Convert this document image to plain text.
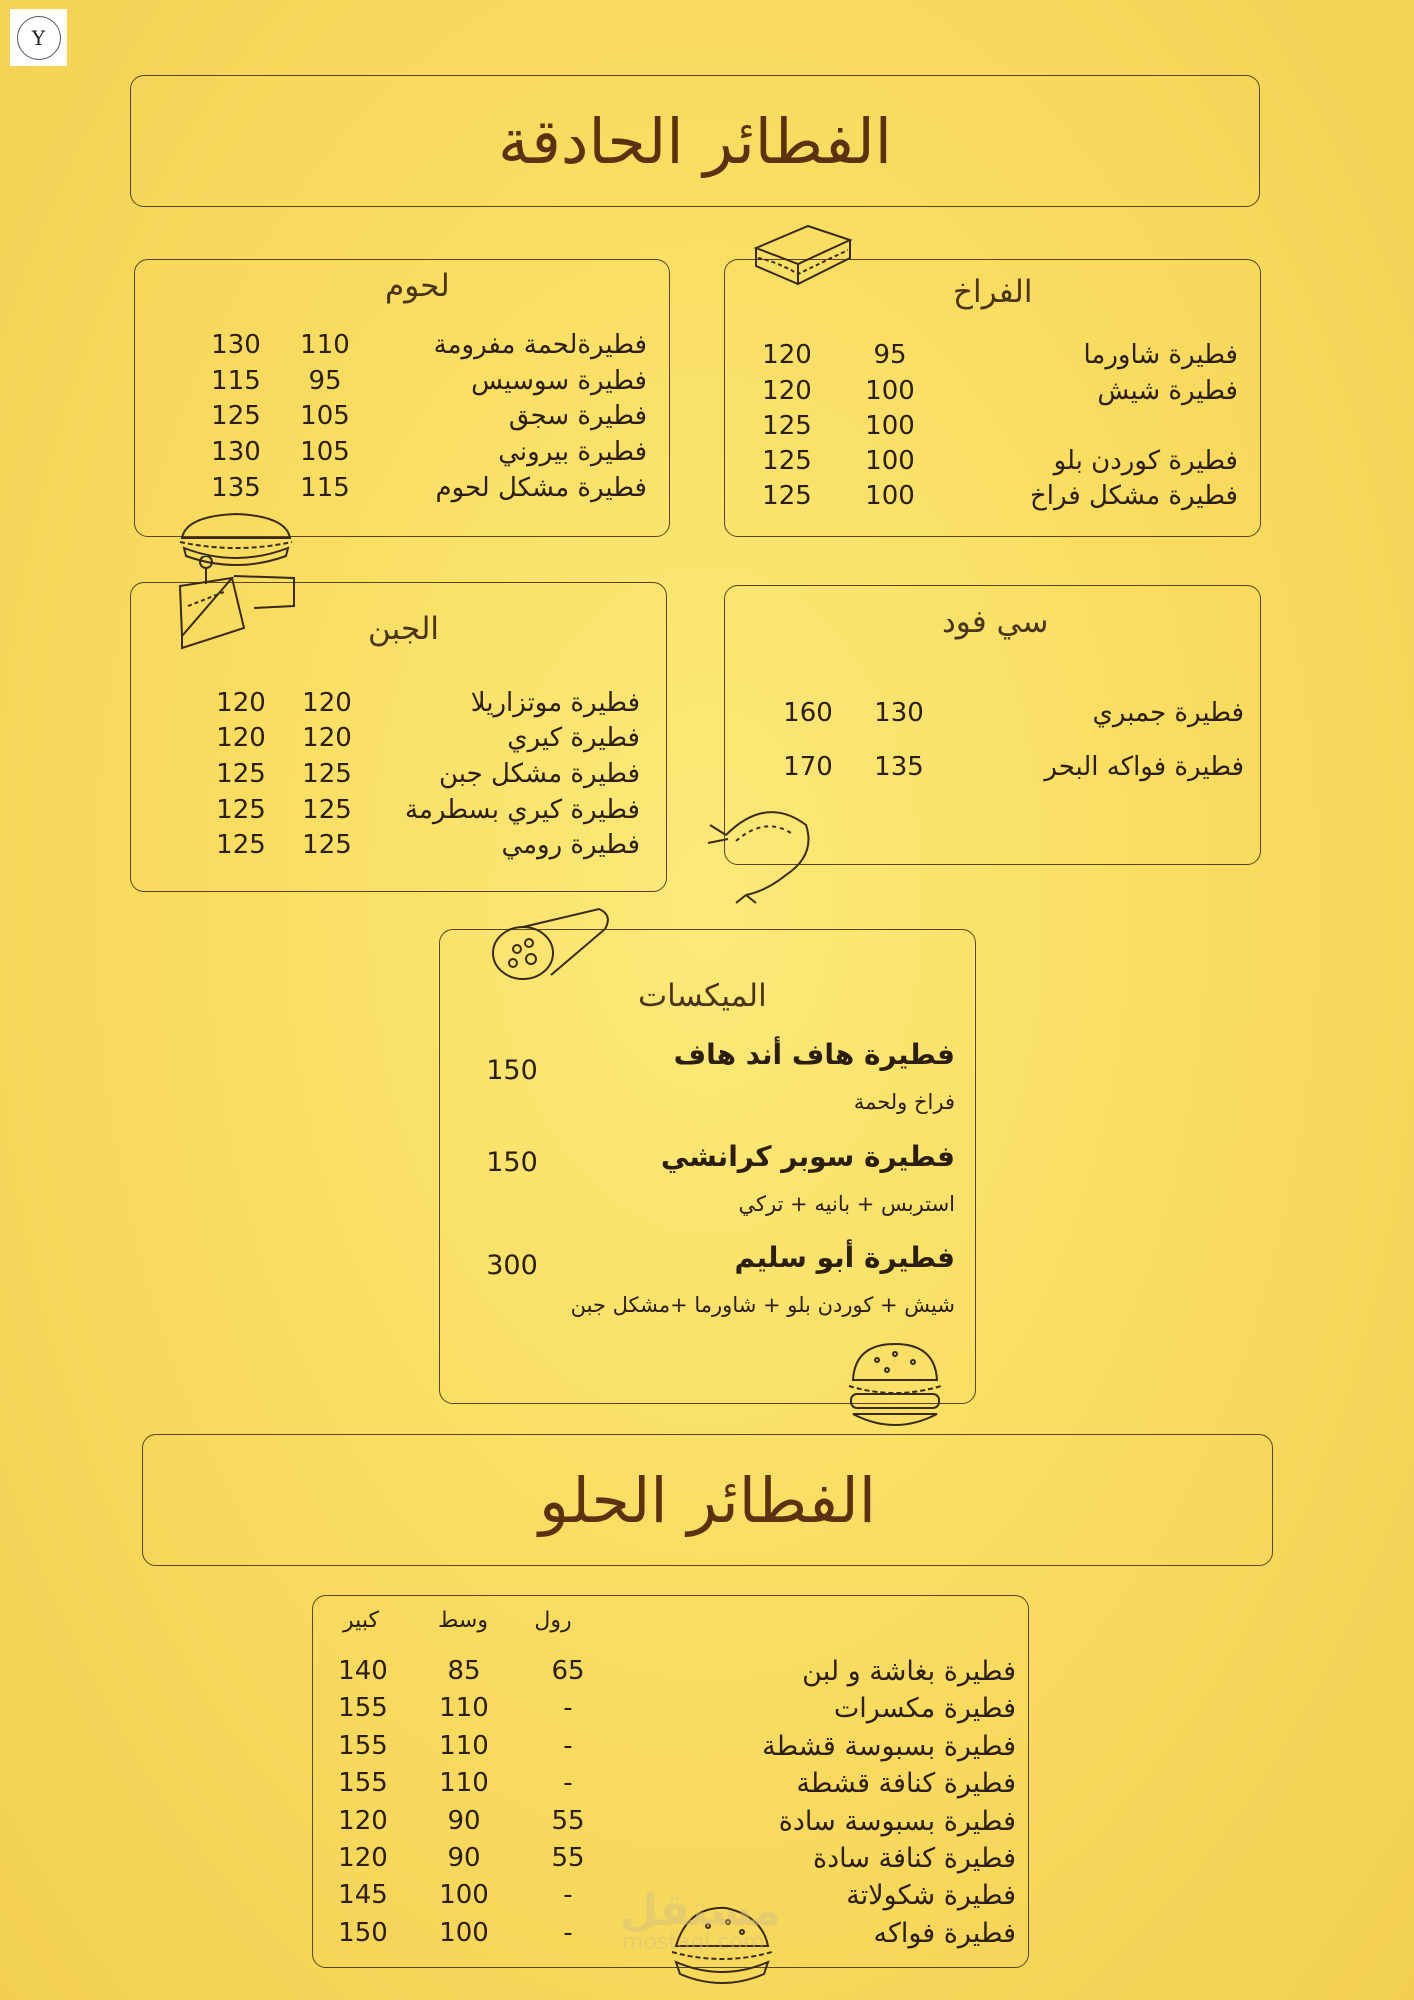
Y
الفطائر الحادقة
لحوم
فطيرةلحمة مفرومة
110
130
فطيرة سوسيس
95
115
فطيرة سجق
105
125
فطيرة بيروني
105
130
فطيرة مشكل لحوم
115
135
الفراخ
فطيرة شاورما
95
120
فطيرة شيش
100
120
100
125
فطيرة كوردن بلو
100
125
فطيرة مشكل فراخ
100
125
الجبن
فطيرة موتزاريلا
120
120
فطيرة كيري
120
120
فطيرة مشكل جبن
125
125
فطيرة كيري بسطرمة
125
125
فطيرة رومي
125
125
سي فود
فطيرة جمبري
130
160
فطيرة فواكه البحر
135
170
الميكسات
فطيرة هاف أند هاف
150
فراخ ولحمة
فطيرة سوبر كرانشي
150
استربس + بانيه + تركي
فطيرة أبو سليم
300
شيش + كوردن بلو + شاورما +مشكل جبن
الفطائر الحلو
رول
وسط
كبير
فطيرة بغاشة و لبن
65
85
140
فطيرة مكسرات
-
110
155
فطيرة بسبوسة قشطة
-
110
155
فطيرة كنافة قشطة
-
110
155
فطيرة بسبوسة سادة
55
90
120
فطيرة كنافة سادة
55
90
120
فطيرة شكولاتة
-
100
145
فطيرة فواكه
-
100
150	مستقل
mostaql.com
